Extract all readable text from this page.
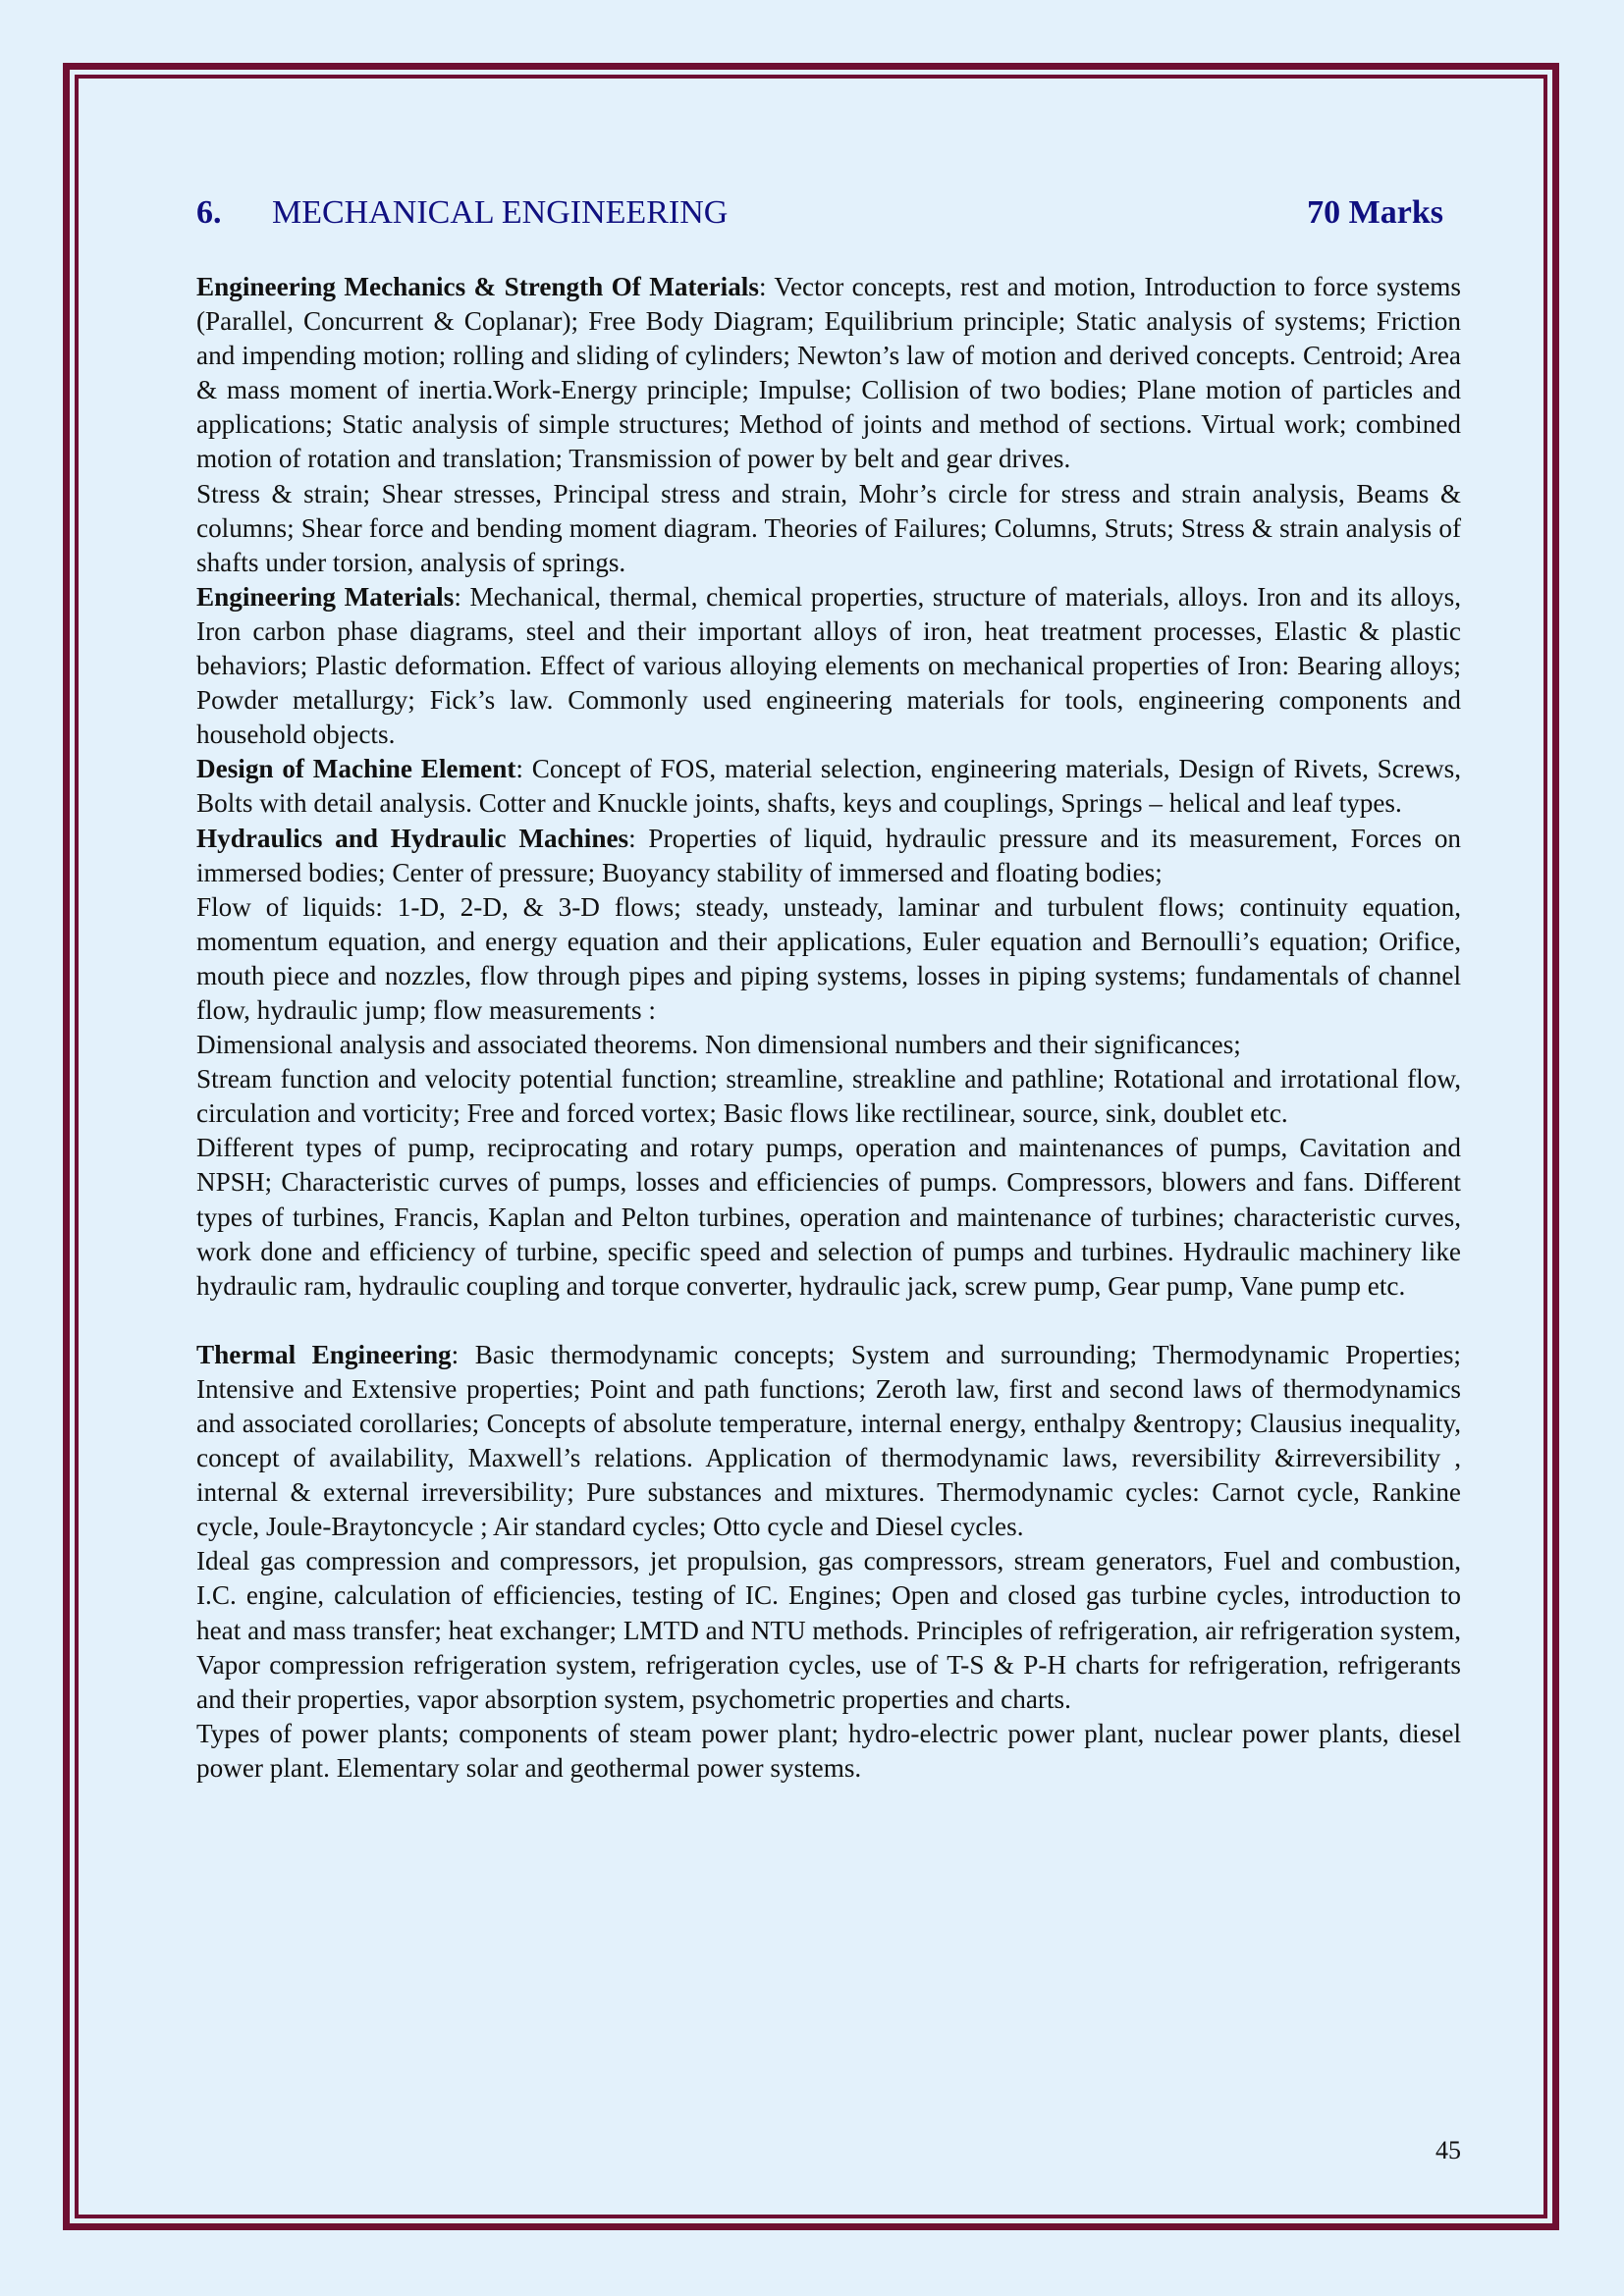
6. MECHANICAL ENGINEERING	70 Marks

Engineering Mechanics & Strength Of Materials: Vector concepts, rest and motion, Introduction to force systems (Parallel, Concurrent & Coplanar); Free Body Diagram; Equilibrium principle; Static analysis of systems; Friction and impending motion; rolling and sliding of cylinders; Newton’s law of motion and derived concepts. Centroid; Area & mass moment of inertia.Work-Energy principle; Impulse; Collision of two bodies; Plane motion of particles and applications; Static analysis of simple structures; Method of joints and method of sections. Virtual work; combined motion of rotation and translation; Transmission of power by belt and gear drives.

Stress & strain; Shear stresses, Principal stress and strain, Mohr’s circle for stress and strain analysis, Beams & columns; Shear force and bending moment diagram. Theories of Failures; Columns, Struts; Stress & strain analysis of shafts under torsion, analysis of springs.

Engineering Materials: Mechanical, thermal, chemical properties, structure of materials, alloys. Iron and its alloys, Iron carbon phase diagrams, steel and their important alloys of iron, heat treatment processes, Elastic & plastic behaviors; Plastic deformation. Effect of various alloying elements on mechanical properties of Iron: Bearing alloys; Powder metallurgy; Fick’s law. Commonly used engineering materials for tools, engineering components and household objects.

Design of Machine Element: Concept of FOS, material selection, engineering materials, Design of Rivets, Screws, Bolts with detail analysis. Cotter and Knuckle joints, shafts, keys and couplings, Springs – helical and leaf types.

Hydraulics and Hydraulic Machines: Properties of liquid, hydraulic pressure and its measurement, Forces on immersed bodies; Center of pressure; Buoyancy stability of immersed and floating bodies;

Flow of liquids: 1-D, 2-D, & 3-D flows; steady, unsteady, laminar and turbulent flows; continuity equation, momentum equation, and energy equation and their applications, Euler equation and Bernoulli’s equation; Orifice, mouth piece and nozzles, flow through pipes and piping systems, losses in piping systems; fundamentals of channel flow, hydraulic jump; flow measurements :

Dimensional analysis and associated theorems. Non dimensional numbers and their significances;

Stream function and velocity potential function; streamline, streakline and pathline; Rotational and irrotational flow, circulation and vorticity; Free and forced vortex; Basic flows like rectilinear, source, sink, doublet etc.

Different types of pump, reciprocating and rotary pumps, operation and maintenances of pumps, Cavitation and NPSH; Characteristic curves of pumps, losses and efficiencies of pumps. Compressors, blowers and fans. Different types of turbines, Francis, Kaplan and Pelton turbines, operation and maintenance of turbines; characteristic curves, work done and efficiency of turbine, specific speed and selection of pumps and turbines. Hydraulic machinery like hydraulic ram, hydraulic coupling and torque converter, hydraulic jack, screw pump, Gear pump, Vane pump etc.

Thermal Engineering: Basic thermodynamic concepts; System and surrounding; Thermodynamic Properties; Intensive and Extensive properties; Point and path functions; Zeroth law, first and second laws of thermodynamics and associated corollaries; Concepts of absolute temperature, internal energy, enthalpy &entropy; Clausius inequality, concept of availability, Maxwell’s relations. Application of thermodynamic laws, reversibility &irreversibility , internal & external irreversibility; Pure substances and mixtures. Thermodynamic cycles: Carnot cycle, Rankine cycle, Joule-Braytoncycle ; Air standard cycles; Otto cycle and Diesel cycles.

Ideal gas compression and compressors, jet propulsion, gas compressors, stream generators, Fuel and combustion, I.C. engine, calculation of efficiencies, testing of IC. Engines; Open and closed gas turbine cycles, introduction to heat and mass transfer; heat exchanger; LMTD and NTU methods. Principles of refrigeration, air refrigeration system, Vapor compression refrigeration system, refrigeration cycles, use of T-S & P-H charts for refrigeration, refrigerants and their properties, vapor absorption system, psychometric properties and charts.

Types of power plants; components of steam power plant; hydro-electric power plant, nuclear power plants, diesel power plant. Elementary solar and geothermal power systems.

45
